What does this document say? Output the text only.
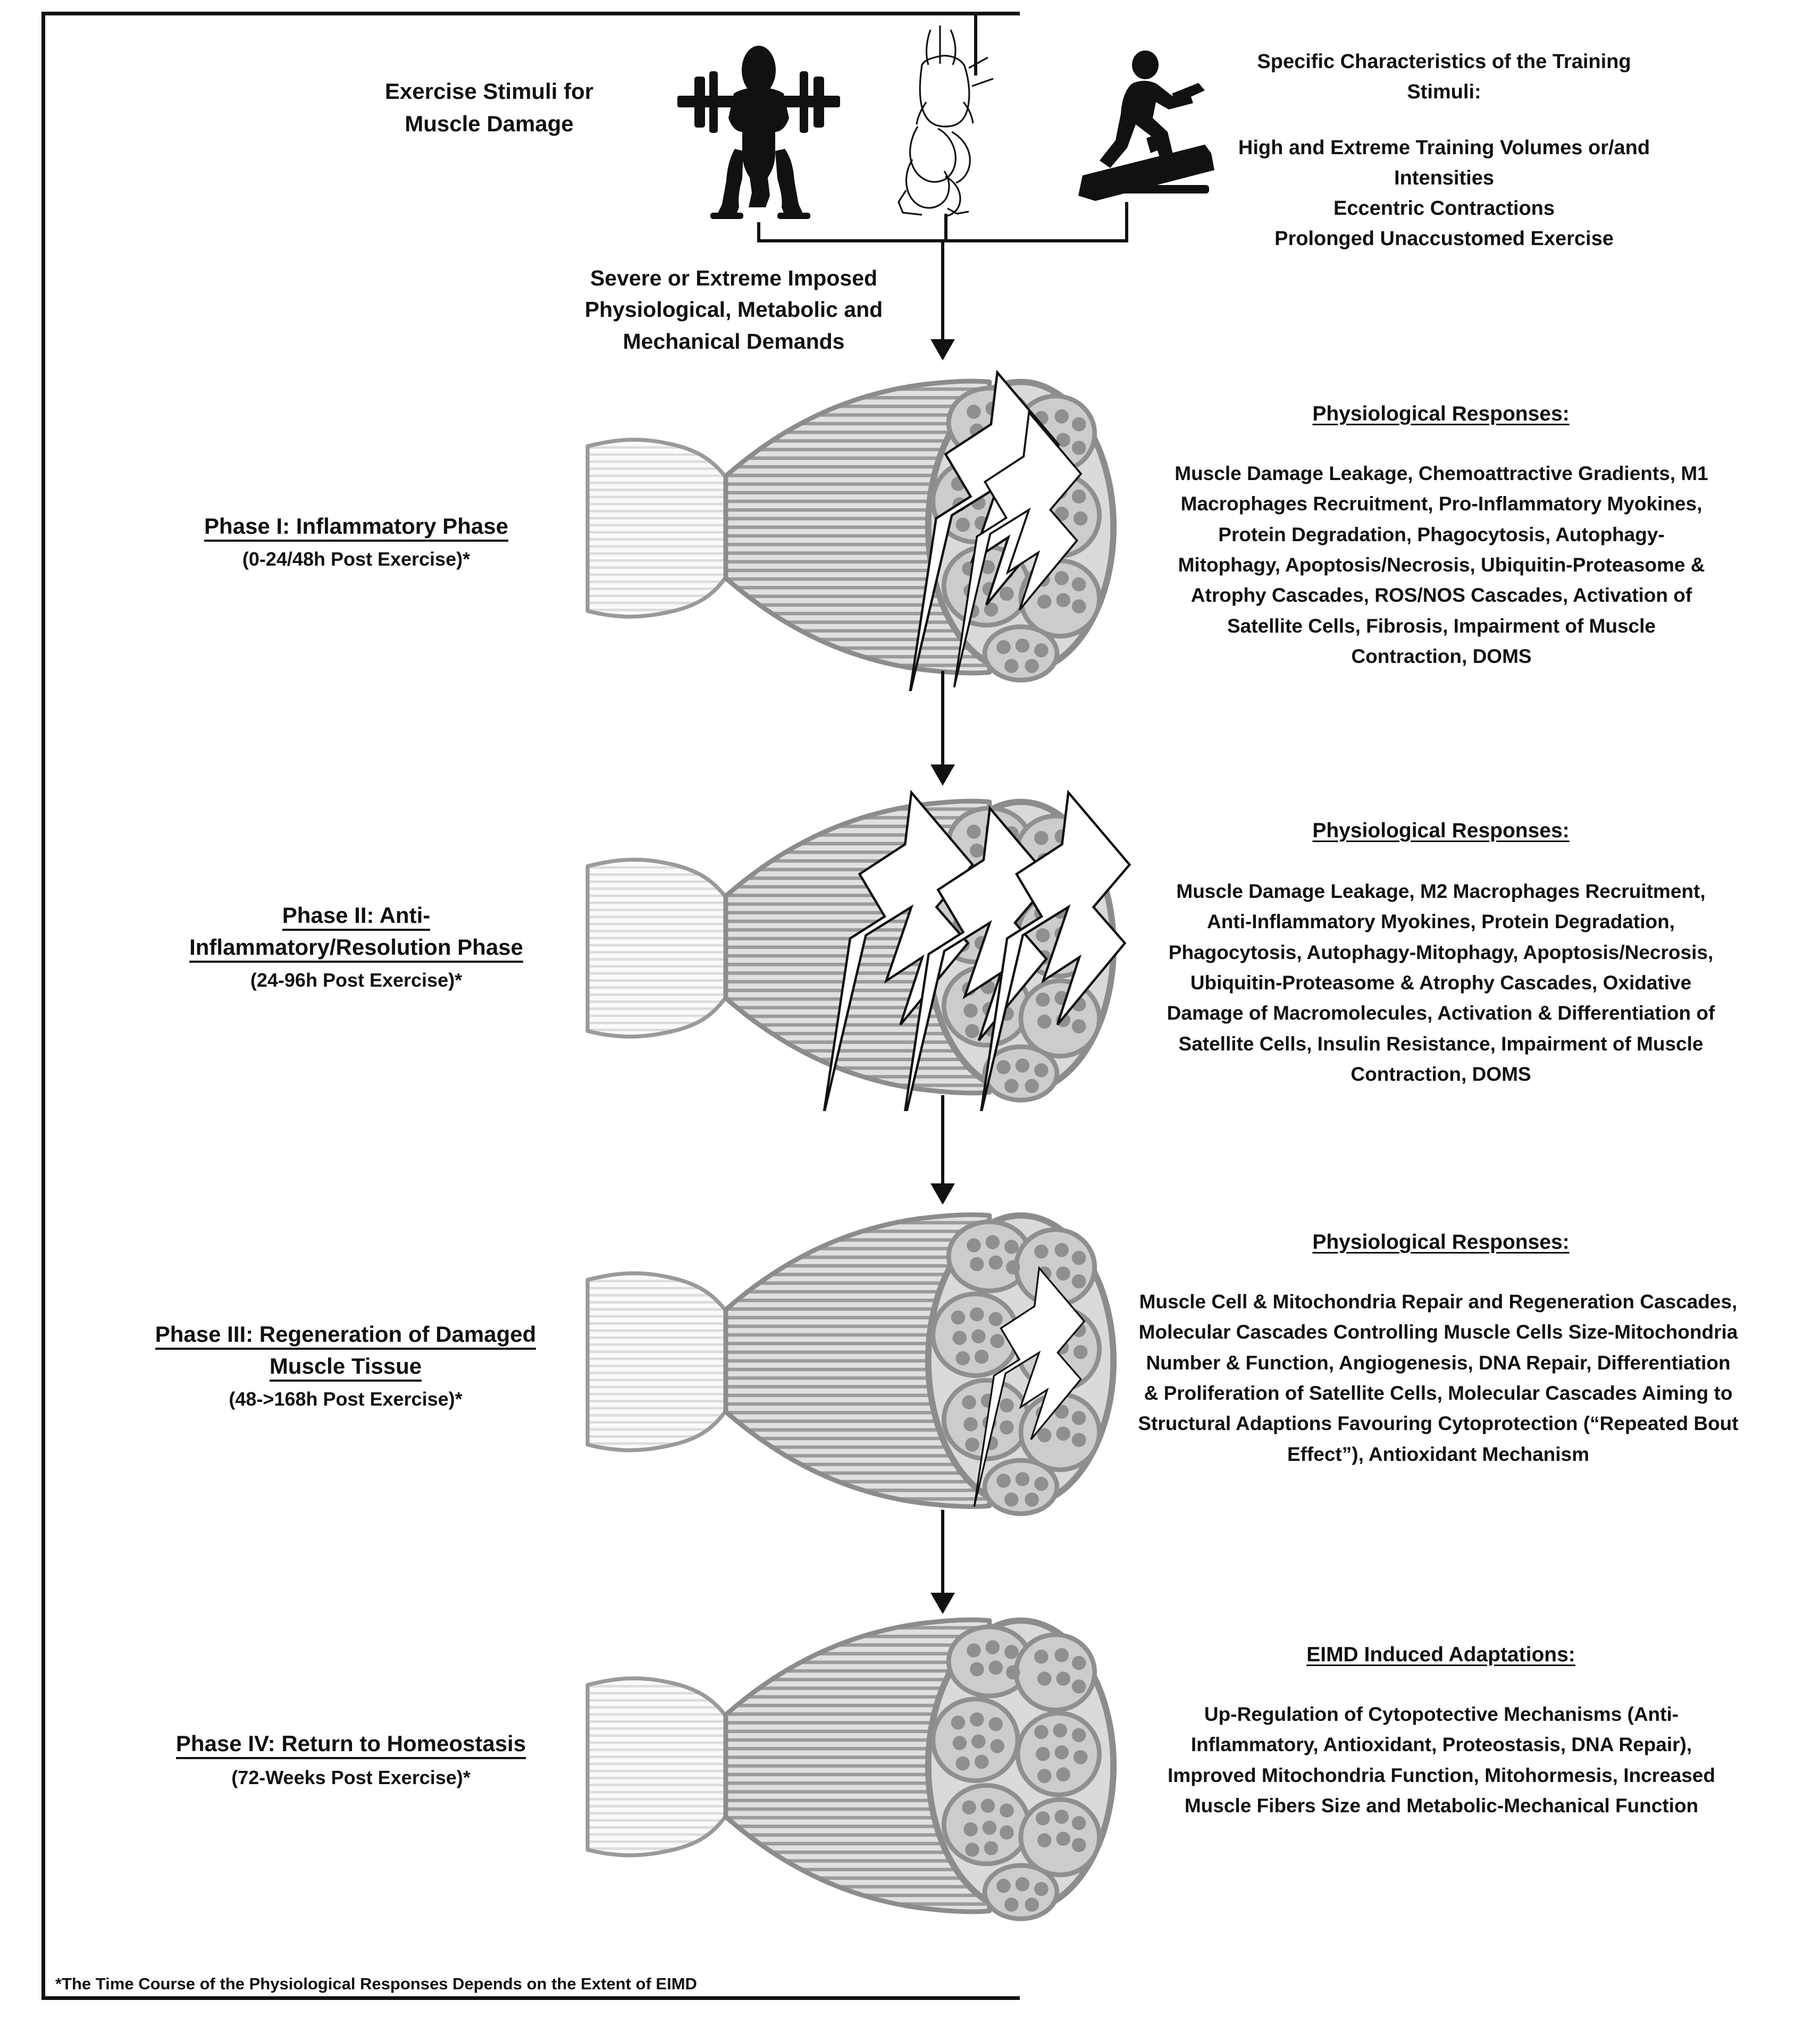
Exercise Stimuli for
Muscle Damage
Specific Characteristics of the Training
Stimuli:
High and Extreme Training Volumes or/and
Intensities
Eccentric Contractions
Prolonged Unaccustomed Exercise
Severe or Extreme Imposed
Physiological, Metabolic and
Mechanical Demands
Phase I: Inflammatory Phase
(0-24/48h Post Exercise)*
Physiological Responses:
Muscle Damage Leakage, Chemoattractive Gradients, M1 Macrophages Recruitment, Pro-Inflammatory Myokines, Protein Degradation, Phagocytosis, Autophagy-Mitophagy, Apoptosis/Necrosis, Ubiquitin-Proteasome & Atrophy Cascades, ROS/NOS Cascades, Activation of Satellite Cells, Fibrosis, Impairment of Muscle Contraction, DOMS
Phase II: Anti-
Inflammatory/Resolution Phase
(24-96h Post Exercise)*
Physiological Responses:
Muscle Damage Leakage, M2 Macrophages Recruitment, Anti-Inflammatory Myokines, Protein Degradation, Phagocytosis, Autophagy-Mitophagy, Apoptosis/Necrosis, Ubiquitin-Proteasome & Atrophy Cascades, Oxidative Damage of Macromolecules, Activation & Differentiation of Satellite Cells, Insulin Resistance, Impairment of Muscle Contraction, DOMS
Phase III: Regeneration of Damaged
Muscle Tissue
(48->168h Post Exercise)*
Physiological Responses:
Muscle Cell & Mitochondria Repair and Regeneration Cascades, Molecular Cascades Controlling Muscle Cells Size-Mitochondria Number & Function, Angiogenesis, DNA Repair, Differentiation & Proliferation of Satellite Cells, Molecular Cascades Aiming to Structural Adaptions Favouring Cytoprotection (“Repeated Bout Effect”), Antioxidant Mechanism
Phase IV: Return to Homeostasis
(72-Weeks Post Exercise)*
EIMD Induced Adaptations:
Up-Regulation of Cytopotective Mechanisms (Anti-Inflammatory, Antioxidant, Proteostasis, DNA Repair), Improved Mitochondria Function, Mitohormesis, Increased Muscle Fibers Size and Metabolic-Mechanical Function
*The Time Course of the Physiological Responses Depends on the Extent of EIMD
